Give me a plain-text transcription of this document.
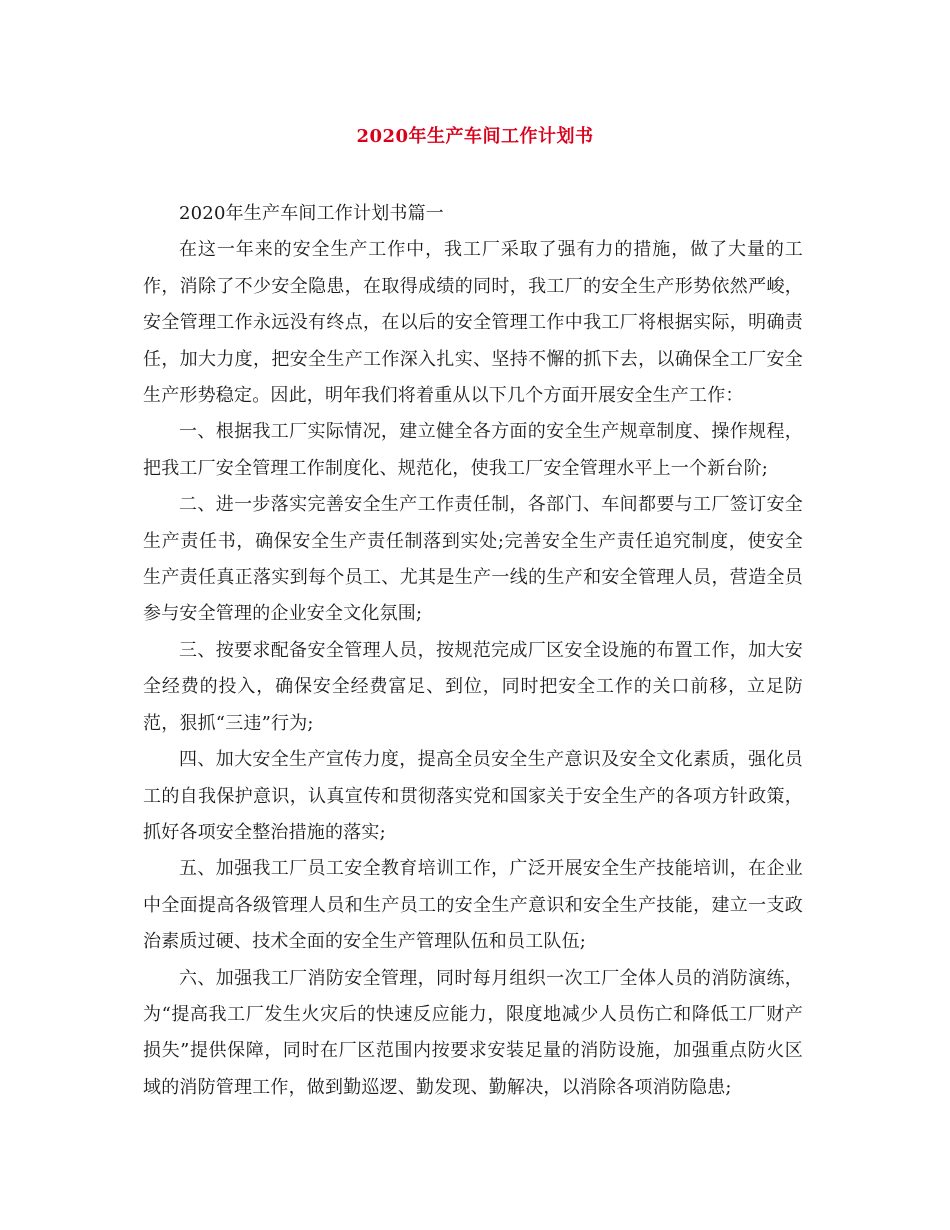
2020年生产车间工作计划书

2020年生产车间工作计划书篇一

在这一年来的安全生产工作中，我工厂采取了强有力的措施，做了大量的工作，消除了不少安全隐患，在取得成绩的同时，我工厂的安全生产形势依然严峻，安全管理工作永远没有终点，在以后的安全管理工作中我工厂将根据实际，明确责任，加大力度，把安全生产工作深入扎实、坚持不懈的抓下去，以确保全工厂安全生产形势稳定。因此，明年我们将着重从以下几个方面开展安全生产工作：

一、根据我工厂实际情况，建立健全各方面的安全生产规章制度、操作规程，把我工厂安全管理工作制度化、规范化，使我工厂安全管理水平上一个新台阶;

二、进一步落实完善安全生产工作责任制，各部门、车间都要与工厂签订安全生产责任书，确保安全生产责任制落到实处;完善安全生产责任追究制度，使安全生产责任真正落实到每个员工、尤其是生产一线的生产和安全管理人员，营造全员参与安全管理的企业安全文化氛围;

三、按要求配备安全管理人员，按规范完成厂区安全设施的布置工作，加大安全经费的投入，确保安全经费富足、到位，同时把安全工作的关口前移，立足防范，狠抓“三违”行为;

四、加大安全生产宣传力度，提高全员安全生产意识及安全文化素质，强化员工的自我保护意识，认真宣传和贯彻落实党和国家关于安全生产的各项方针政策，抓好各项安全整治措施的落实;

五、加强我工厂员工安全教育培训工作，广泛开展安全生产技能培训，在企业中全面提高各级管理人员和生产员工的安全生产意识和安全生产技能，建立一支政治素质过硬、技术全面的安全生产管理队伍和员工队伍;

六、加强我工厂消防安全管理，同时每月组织一次工厂全体人员的消防演练，为“提高我工厂发生火灾后的快速反应能力，限度地减少人员伤亡和降低工厂财产损失”提供保障，同时在厂区范围内按要求安装足量的消防设施，加强重点防火区域的消防管理工作，做到勤巡逻、勤发现、勤解决，以消除各项消防隐患;
